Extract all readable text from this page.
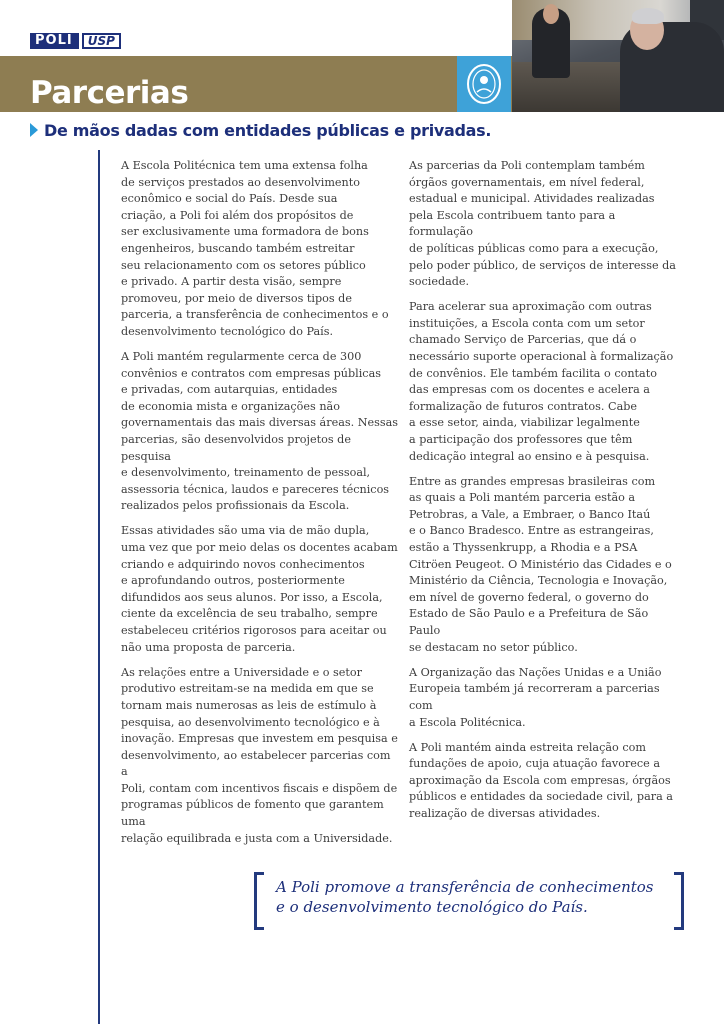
POLI	USP
Parcerias
De mãos dadas com entidades públicas e privadas.

A Escola Politécnica tem uma extensa folha
de serviços prestados ao desenvolvimento
econômico e social do País. Desde sua
criação, a Poli foi além dos propósitos de
ser exclusivamente uma formadora de bons
engenheiros, buscando também estreitar
seu relacionamento com os setores público
e privado. A partir desta visão, sempre
promoveu, por meio de diversos tipos de
parceria, a transferência de conhecimentos e o
desenvolvimento tecnológico do País.

A Poli mantém regularmente cerca de 300
convênios e contratos com empresas públicas
e privadas, com autarquias, entidades
de economia mista e organizações não
governamentais das mais diversas áreas. Nessas
parcerias, são desenvolvidos projetos de pesquisa
e desenvolvimento, treinamento de pessoal,
assessoria técnica, laudos e pareceres técnicos
realizados pelos profissionais da Escola.

Essas atividades são uma via de mão dupla,
uma vez que por meio delas os docentes acabam
criando e adquirindo novos conhecimentos
e aprofundando outros, posteriormente
difundidos aos seus alunos. Por isso, a Escola,
ciente da excelência de seu trabalho, sempre
estabeleceu critérios rigorosos para aceitar ou
não uma proposta de parceria.

As relações entre a Universidade e o setor
produtivo estreitam-se na medida em que se
tornam mais numerosas as leis de estímulo à
pesquisa, ao desenvolvimento tecnológico e à
inovação. Empresas que investem em pesquisa e
desenvolvimento, ao estabelecer parcerias com a
Poli, contam com incentivos fiscais e dispõem de
programas públicos de fomento que garantem uma
relação equilibrada e justa com a Universidade.

As parcerias da Poli contemplam também
órgãos governamentais, em nível federal,
estadual e municipal. Atividades realizadas
pela Escola contribuem tanto para a formulação
de políticas públicas como para a execução,
pelo poder público, de serviços de interesse da
sociedade.

Para acelerar sua aproximação com outras
instituições, a Escola conta com um setor
chamado Serviço de Parcerias, que dá o
necessário suporte operacional à formalização
de convênios. Ele também facilita o contato
das empresas com os docentes e acelera a
formalização de futuros contratos. Cabe
a esse setor, ainda, viabilizar legalmente
a participação dos professores que têm
dedicação integral ao ensino e à pesquisa.

Entre as grandes empresas brasileiras com
as quais a Poli mantém parceria estão a
Petrobras, a Vale, a Embraer, o Banco Itaú
e o Banco Bradesco. Entre as estrangeiras,
estão a Thyssenkrupp, a Rhodia e a PSA
Citröen Peugeot. O Ministério das Cidades e o
Ministério da Ciência, Tecnologia e Inovação,
em nível de governo federal, o governo do
Estado de São Paulo e a Prefeitura de São Paulo
se destacam no setor público.

A Organização das Nações Unidas e a União
Europeia também já recorreram a parcerias com
a Escola Politécnica.

A Poli mantém ainda estreita relação com
fundações de apoio, cuja atuação favorece a
aproximação da Escola com empresas, órgãos
públicos e entidades da sociedade civil, para a
realização de diversas atividades.

A Poli promove a transferência de conhecimentos
e o desenvolvimento tecnológico do País.
